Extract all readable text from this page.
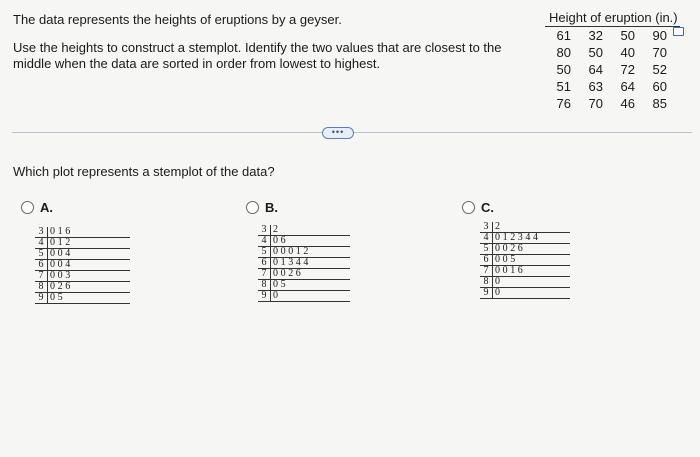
The data represents the heights of eruptions by a geyser.
Use the heights to construct a stemplot. Identify the two values that are closest to the middle when the data are sorted in order from lowest to highest.
Height of eruption (in.)
61	32	50	90
80	50	40	70
50	64	72	52
51	63	64	60
76	70	46	85
•••
Which plot represents a stemplot of the data?
A.	B.	C.
3 016
4 012
5 004
6 004
7 003
8 026
9 05
3 2
4 06
5 00012
6 01344
7 0026
8 05
9 0
3 2
4 012344
5 0026
6 005
7 0016
8 0
9 0
